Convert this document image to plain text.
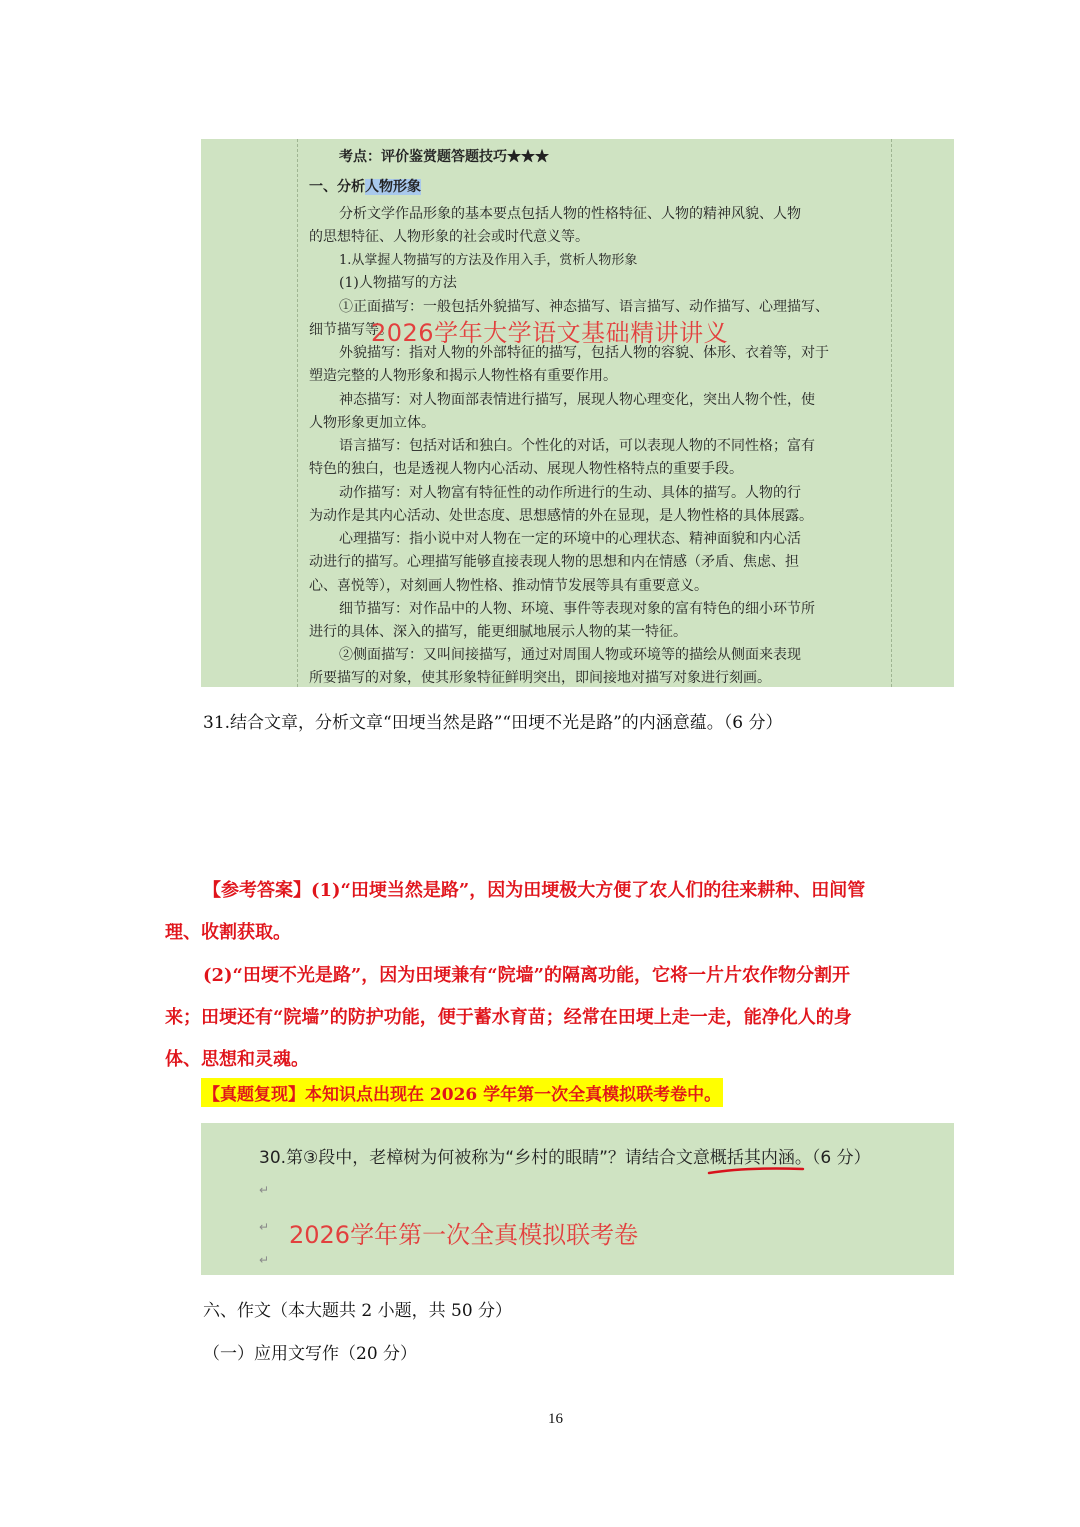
考点：评价鉴赏题答题技巧★★★
一、分析人物形象
分析文学作品形象的基本要点包括人物的性格特征、人物的精神风貌、人物
的思想特征、人物形象的社会或时代意义等。
1.从掌握人物描写的方法及作用入手，赏析人物形象
(1)人物描写的方法
①正面描写：一般包括外貌描写、神态描写、语言描写、动作描写、心理描写、
细节描写等。
外貌描写：指对人物的外部特征的描写，包括人物的容貌、体形、衣着等，对于
塑造完整的人物形象和揭示人物性格有重要作用。
神态描写：对人物面部表情进行描写，展现人物心理变化，突出人物个性，使
人物形象更加立体。
语言描写：包括对话和独白。个性化的对话，可以表现人物的不同性格；富有
特色的独白，也是透视人物内心活动、展现人物性格特点的重要手段。
动作描写：对人物富有特征性的动作所进行的生动、具体的描写。人物的行
为动作是其内心活动、处世态度、思想感情的外在显现，是人物性格的具体展露。
心理描写：指小说中对人物在一定的环境中的心理状态、精神面貌和内心活
动进行的描写。心理描写能够直接表现人物的思想和内在情感（矛盾、焦虑、担
心、喜悦等），对刻画人物性格、推动情节发展等具有重要意义。
细节描写：对作品中的人物、环境、事件等表现对象的富有特色的细小环节所
进行的具体、深入的描写，能更细腻地展示人物的某一特征。
②侧面描写：又叫间接描写，通过对周围人物或环境等的描绘从侧面来表现
所要描写的对象，使其形象特征鲜明突出，即间接地对描写对象进行刻画。
2026学年大学语文基础精讲讲义
31.结合文章，分析文章“田埂当然是路”“田埂不光是路”的内涵意蕴。（6 分）
【参考答案】(1)“田埂当然是路”，因为田埂极大方便了农人们的往来耕种、田间管
理、收割获取。
(2)“田埂不光是路”，因为田埂兼有“院墙”的隔离功能，它将一片片农作物分割开
来；田埂还有“院墙”的防护功能，便于蓄水育苗；经常在田埂上走一走，能净化人的身
体、思想和灵魂。
【真题复现】本知识点出现在 2026 学年第一次全真模拟联考卷中。
30.第③段中，老樟树为何被称为“乡村的眼睛”？请结合文意概括其内涵。（6 分）
↵
↵
↵
2026学年第一次全真模拟联考卷
六、作文（本大题共 2 小题，共 50 分）
（一）应用文写作（20 分）
16
